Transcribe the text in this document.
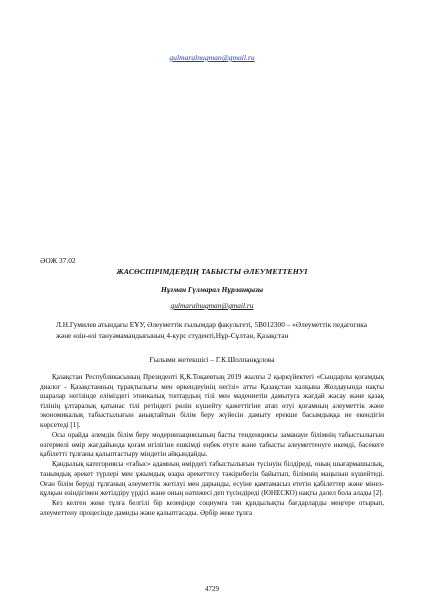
gulmaralnugman@gmail.ru
ӘОЖ 37.02
ЖАСӨСПІРІМДЕРДІҢ ТАБЫСТЫ ӘЛЕУМЕТТЕНУІ
Нұғман Гүлмарал Нұрланқызы
gulmaralnugman@gmail.ru
Л.Н.Гумилев атындағы ЕҰУ, Әлеуметтік ғылымдар факультеті, 5В012300 – «Әлеуметтік педагогика және өзін-өзі тануәмамандығының 4-курс студенті,Нұр-Сұлтан, Қазақстан
Ғылыми жетекшісі – Г.К.Шолпанқұлова

Қазақстан Республикасының Президенті Қ.К.Тоқаевтың 2019 жылғы 2 қыркүйектегі «Сындарлы қоғамдық диалог - Қазақстанның тұрақтылығы мен өркендеуінің негізі» атты Қазақстан халқына Жолдауында нақты шаралар негізінде еліміздегі этникалық топтардың тілі мен мәдениетін дамытуға жағдай жасау және қазақ тілінің ұлтаралық қатынас тілі ретіндегі рөлін күшейту қажеттігіне атап өтуі қоғамның әлеуметтік және экономикалық табыстылығын анықтайтын білім беру жүйесін дамыту ерекше басымдыққа ие екендігін көрсетеді [1].

Осы орайда әлемдік білім беру модернизациясының басты тенденциясы заманауи білімнің табыстылығын өзгермелі өмір жағдайында қоғам игілігіне ешкімді еңбек етуге және табысты әлеуметтенуге икемді, бәсекеге қабілетті тұлғаны қалыптастыру міндетін айқындайды.

Қандылық категориясы «табыс» адамның өмірдегі табыстылығын түсінуін білдіреді, оның шығармашылық, танымдық әрекет түрлері мен ұжымдық өзара әрекеттесу тәжірибесін байытып, білімнің маңызын күшейтеді. Оған білім беруді тұлғаның әлеуметтік жетілуі мен дарынды, есуіне қамтамасыз ететін қабілеттер және мінез-құлқын өзіндігімен жетілдіру үрдісі және оның нәтижесі деп түсіндіреді (ЮНЕСКО) нақты дәлел бола алады [2].

Кез келген жеке тұлға белгілі бір кезеңінде социумға тән құндылықты бағдарларды меңгере отырып, әлеуметтену процесінде дамиды және қалыптасады. Әрбір жеке тұлға

4729
